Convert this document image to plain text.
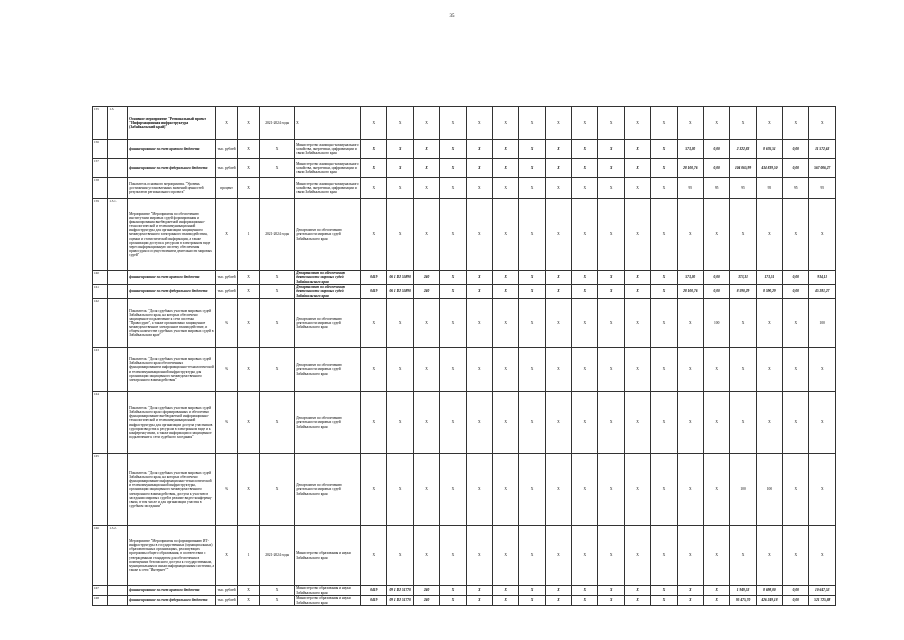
35
155	1.3.	Основное мероприятие "Региональный проект "Информационная инфраструктура (Забайкальский край)"	X	X	2021-2024 годы	X	X	X	X	X	X	X	X	X	X	X	X	X	X	X	X	X	X	X
156		финансирование за счет краевого бюджета	тыс. рублей	X	X	Министерство жилищно-коммунального хозяйства, энергетики, цифровизации и связи Забайкальского края	X	X	X	X	X	X	X	X	X	X	X	X	573,30	0,00	2 322,83	8 676,51	0,00	11 572,63
157		финансирование за счет федерального бюджета	тыс. рублей	X	X	Министерство жилищно-коммунального хозяйства, энергетики, цифровизации и связи Забайкальского края	X	X	X	X	X	X	X	X	X	X	X	X	28 100,76	0,00	104 065,99	434 839,50	0,00	567 006,27
158		Показатель основного мероприятия. "Уровень достижения установленных значений ценностей результатов регионального проекта"	процент	X		Министерство жилищно-коммунального хозяйства, энергетики, цифровизации и связи Забайкальского края	X	X	X	X	X	X	X	X	X	X	X	X	95	95	95	95	95	95
159	1.3.1.	Мероприятие "Мероприятия по обеспечению институтами мировых судей формирования и финансирования внебюджетной информационно-технологической и телекоммуникационной инфраструктуры для организации защищенного межведомственного электронного взаимодействия, оценки и статистической информации, а также организации доступа к ресурсам в электронном виде через информационную систему обеспечения правосудия и осуществлением деятельности мировых судей"	X	1	2021-2024 годы	Департамент по обеспечению деятельности мировых судей Забайкальского края	X	X	X	X	X	X	X	X	X	X	X	X	X	X	X	X	X	X
160		финансирование за счет краевого бюджета	тыс. рублей	X	X	Департамент по обеспечению деятельности мировых судей Забайкальского края	0419	06 1 D2 55890	240	X	X	X	X	X	X	X	X	X	573,30	0,00	373,31	173,51	0,00	934,11
161		финансирование за счет федерального бюджета	тыс. рублей	X	X	Департамент по обеспечению деятельности мировых судей Забайкальского края	0419	06 1 D2 55890	240	X	X	X	X	X	X	X	X	X	28 100,76	0,00	8 590,29	8 590,29	0,00	45 281,27
162		Показатель: "Доля судебных участков мировых судей Забайкальского края, на которых обеспечено защищенное подключение к сети системы "Правосудие", а также организовано защищенное межведомственное электронное взаимодействие, и общем количестве судебных участков мировых судей в Забайкальском крае"	%	X	X	Департамент по обеспечению деятельности мировых судей Забайкальского края	X	X	X	X	X	X	X	X	X	X	X	X	X	100	X	X	X	100
163		Показатель: "Доля судебных участков мировых судей Забайкальского края обеспеченных функционированием информационно-технологической и телекоммуникационной инфраструктуры для организации защищенного межведомственного электронного взаимодействия"	%	X	X	Департамент по обеспечению деятельности мировых судей Забайкальского края	X	X	X	X	X	X	X	X	X	X	X	X	X	X	X	X	X	X
164		Показатель: "Доля судебных участков мировых судей Забайкальского края сформированных и обеспечено функционирование внебюджетной информационно-технологической и телекоммуникационной инфраструктуры для организации доступа участников судопроизводства к ресурсам в электронном виде и к конференц-связи, а также информации и защищенное подключение к сети судебного заседания"	%	X	X	Департамент по обеспечению деятельности мировых судей Забайкальского края	X	X	X	X	X	X	X	X	X	X	X	X	X	X	X	X	X	X
165		Показатель: "Доля судебных участков мировых судей Забайкальского края, на которых обеспечено функционирование информационно-технологической и телекоммуникационной инфраструктуры, организации защищенного межведомственного электронного взаимодействия, доступа к участию в заседании мировых судей в режиме видео-конференц-связи, в том числе и для организации участия в судебном заседании"	%	X	X	Департамент по обеспечению деятельности мировых судей Забайкальского края	X	X	X	X	X	X	X	X	X	X	X	X	X	X	100	100	X	X
166	1.3.2.	Мероприятие "Мероприятия по формированию ИТ-инфраструктуры в государственных (муниципальных) образовательных организациях, реализующих программы общего образования, в соответствии с утвержденным стандартом для обеспечения в помещениях безопасного доступа к государственным, муниципальным и иным информационным системам, а также к сети "Интернет""	X	1	2021-2024 годы	Министерство образования и науки Забайкальского края	X	X	X	X	X	X	X	X	X	X	X	X	X	X	X	X	X	X
167		финансирование за счет краевого бюджета	тыс. рублей	X	X	Министерство образования и науки Забайкальского края	0419	09 1 D2 51770	240	X	X	X	X	X	X	X	X	X	X	X	1 949,53	8 698,00	0,00	10 647,53
168		финансирование за счет федерального бюджета	тыс. рублей	X	X	Министерство образования и науки Забайкальского края	0419	09 1 D2 51770	240	X	X	X	X	X	X	X	X	X	X	X	95 475,70	426 249,18	0,00	521 725,88
